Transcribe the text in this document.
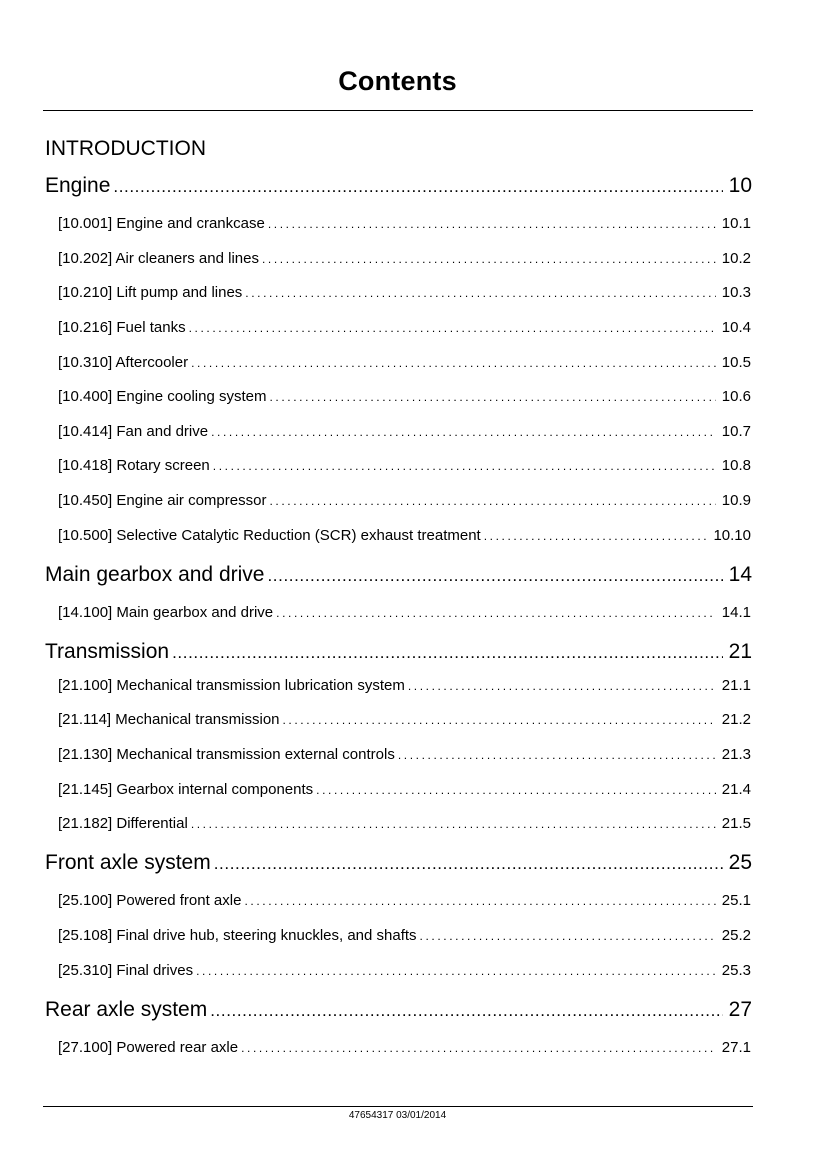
Contents
INTRODUCTION
Engine .....	10
[10.001] Engine and crankcase .....	10.1
[10.202] Air cleaners and lines .....	10.2
[10.210] Lift pump and lines .....	10.3
[10.216] Fuel tanks .....	10.4
[10.310] Aftercooler .....	10.5
[10.400] Engine cooling system .....	10.6
[10.414] Fan and drive .....	10.7
[10.418] Rotary screen .....	10.8
[10.450] Engine air compressor .....	10.9
[10.500] Selective Catalytic Reduction (SCR) exhaust treatment .....	10.10
Main gearbox and drive .....	14
[14.100] Main gearbox and drive .....	14.1
Transmission .....	21
[21.100] Mechanical transmission lubrication system .....	21.1
[21.114] Mechanical transmission .....	21.2
[21.130] Mechanical transmission external controls .....	21.3
[21.145] Gearbox internal components .....	21.4
[21.182] Differential .....	21.5
Front axle system .....	25
[25.100] Powered front axle .....	25.1
[25.108] Final drive hub, steering knuckles, and shafts .....	25.2
[25.310] Final drives .....	25.3
Rear axle system .....	27
[27.100] Powered rear axle .....	27.1
47654317 03/01/2014
